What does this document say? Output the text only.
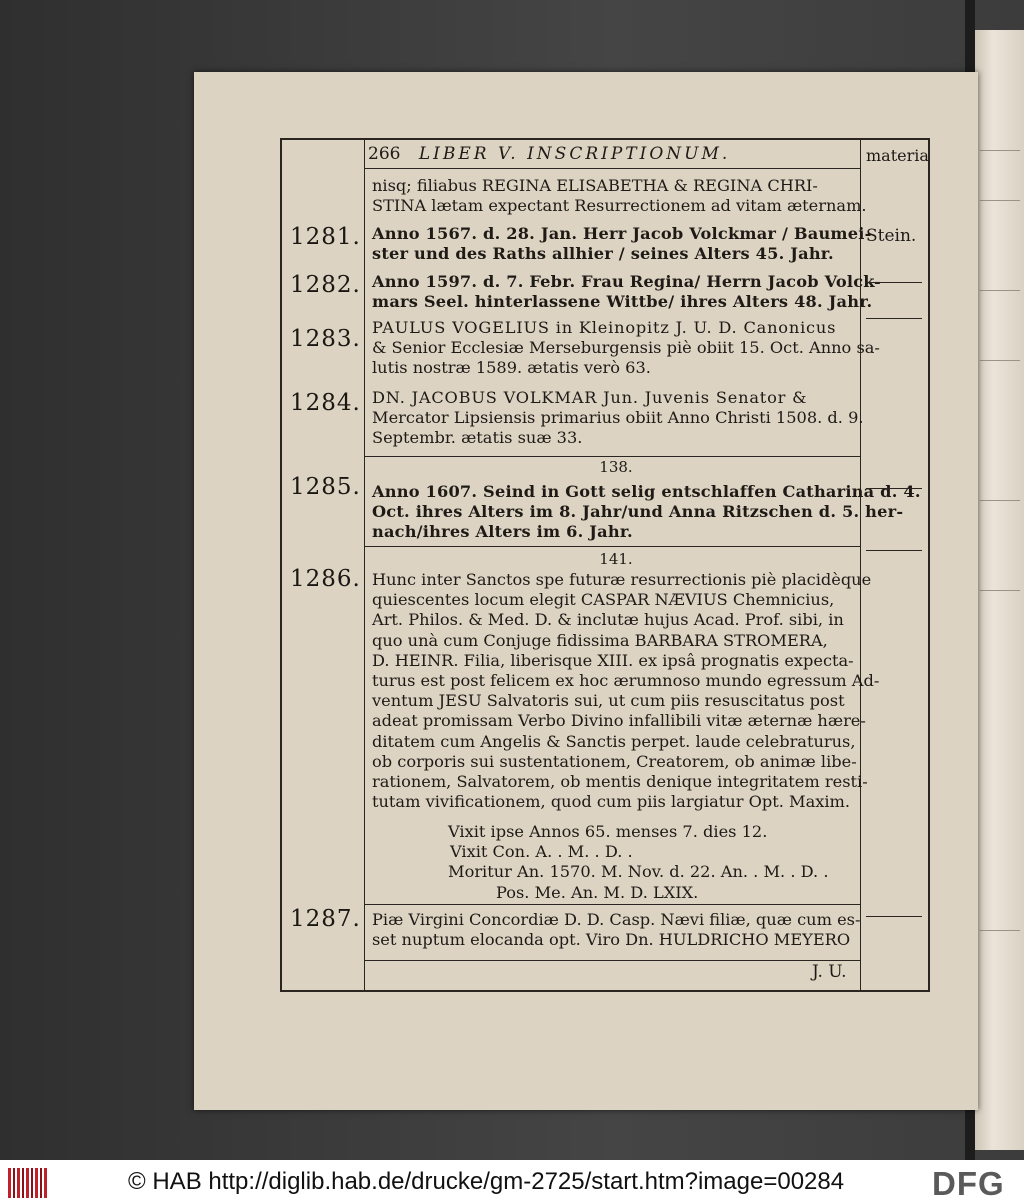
266 LIBER V. INSCRIPTIONUM.	materia
nisq; filiabus REGINA ELISABETHA & REGINA CHRI-
STINA lætam expectant Resurrectionem ad vitam æternam.
1281. Anno 1567. d. 28. Jan. Herr Jacob Volckmar / Baumei-
ster und des Raths allhier / seines Alters 45. Jahr.
Stein.
1282. Anno 1597. d. 7. Febr. Frau Regina/ Herrn Jacob Volck-
mars Seel. hinterlassene Wittbe/ ihres Alters 48. Jahr.
1283. PAULUS VOGELIUS in Kleinopitz J. U. D. Canonicus
& Senior Ecclesiæ Merseburgensis piè obiit 15. Oct. Anno sa-
lutis nostræ 1589. ætatis verò 63.
1284. DN. JACOBUS VOLKMAR Jun. Juvenis Senator &
Mercator Lipsiensis primarius obiit Anno Christi 1508. d. 9.
Septembr. ætatis suæ 33.
138.
1285. Anno 1607. Seind in Gott selig entschlaffen Catharina d. 4.
Oct. ihres Alters im 8. Jahr/und Anna Ritzschen d. 5. her-
nach/ihres Alters im 6. Jahr.
141.
1286. Hunc inter Sanctos spe futuræ resurrectionis piè placidèque
quiescentes locum elegit CASPAR NÆVIUS Chemnicius,
Art. Philos. & Med. D. & inclutæ hujus Acad. Prof. sibi, in
quo unà cum Conjuge fidissima BARBARA STROMERA,
D. HEINR. Filia, liberisque XIII. ex ipsâ prognatis expecta-
turus est post felicem ex hoc ærumnoso mundo egressum Ad-
ventum JESU Salvatoris sui, ut cum piis resuscitatus post
adeat promissam Verbo Divino infallibili vitæ æternæ hære-
ditatem cum Angelis & Sanctis perpet. laude celebraturus,
ob corporis sui sustentationem, Creatorem, ob animæ libe-
rationem, Salvatorem, ob mentis denique integritatem resti-
tutam vivificationem, quod cum piis largiatur Opt. Maxim.
Vixit ipse Annos 65. menses 7. dies 12.
Vixit Con. A. . M. . D. .
Moritur An. 1570. M. Nov. d. 22. An. . M. . D. .
Pos. Me. An. M. D. LXIX.
1287. Piæ Virgini Concordiæ D. D. Casp. Nævi filiæ, quæ cum es-
set nuptum elocanda opt. Viro Dn. HULDRICHO MEYERO
J. U.
© HAB http://diglib.hab.de/drucke/gm-2725/start.htm?image=00284	DFG
